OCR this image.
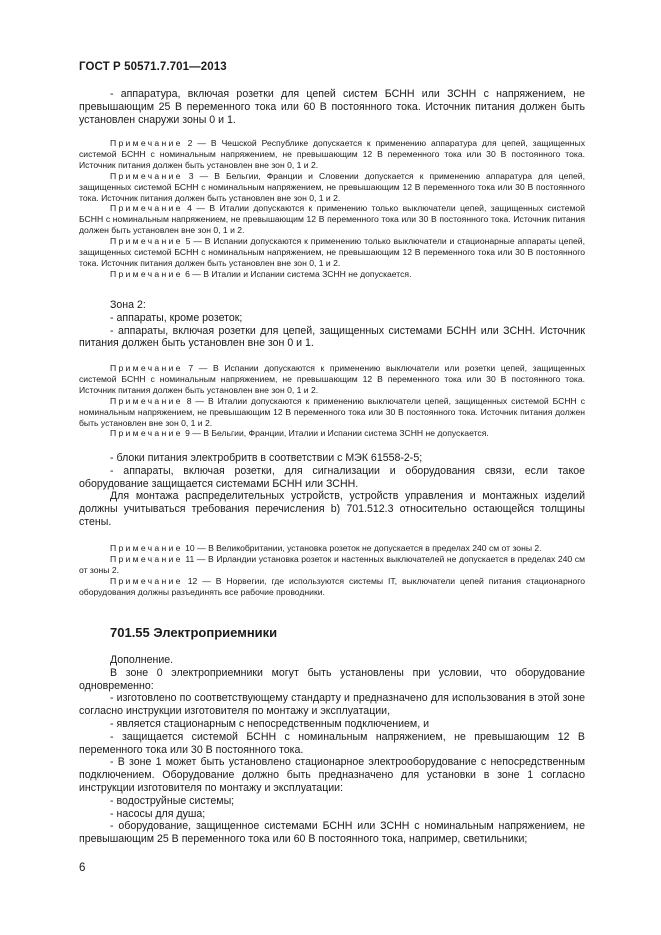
ГОСТ Р 50571.7.701—2013

- аппаратура, включая розетки для цепей систем БСНН или ЗСНН с напряжением, не превышающим 25 В переменного тока или 60 В постоянного тока. Источник питания должен быть установлен снаружи зоны 0 и 1.

Примечание 2 — В Чешской Республике допускается к применению аппаратура для цепей, защищенных системой БСНН с номинальным напряжением, не превышающим 12 В переменного тока или 30 В постоянного тока. Источник питания должен быть установлен вне зон 0, 1 и 2.

Примечание 3 — В Бельгии, Франции и Словении допускается к применению аппаратура для цепей, защищенных системой БСНН с номинальным напряжением, не превышающим 12 В переменного тока или 30 В постоянного тока. Источник питания должен быть установлен вне зон 0, 1 и 2.

Примечание 4 — В Италии допускаются к применению только выключатели цепей, защищенных системой БСНН с номинальным напряжением, не превышающим 12 В переменного тока или 30 В постоянного тока. Источник питания должен быть установлен вне зон 0, 1 и 2.

Примечание 5 — В Испании допускаются к применению только выключатели и стационарные аппараты цепей, защищенных системой БСНН с номинальным напряжением, не превышающим 12 В переменного тока или 30 В постоянного тока. Источник питания должен быть установлен вне зон 0, 1 и 2.

Примечание 6 — В Италии и Испании система ЗСНН не допускается.

Зона 2:

- аппараты, кроме розеток;

- аппараты, включая розетки для цепей, защищенных системами БСНН или ЗСНН. Источник питания должен быть установлен вне зон 0 и 1.

Примечание 7 — В Испании допускаются к применению выключатели или розетки цепей, защищенных системой БСНН с номинальным напряжением, не превышающим 12 В переменного тока или 30 В постоянного тока. Источник питания должен быть установлен вне зон 0, 1 и 2.

Примечание 8 — В Италии допускаются к применению выключатели цепей, защищенных системой БСНН с номинальным напряжением, не превышающим 12 В переменного тока или 30 В постоянного тока. Источник питания должен быть установлен вне зон 0, 1 и 2.

Примечание 9 — В Бельгии, Франции, Италии и Испании система ЗСНН не допускается.

- блоки питания электробритв в соответствии с МЭК 61558-2-5;

- аппараты, включая розетки, для сигнализации и оборудования связи, если такое оборудование защищается системами БСНН или ЗСНН.

Для монтажа распределительных устройств, устройств управления и монтажных изделий должны учитываться требования перечисления b) 701.512.3 относительно остающейся толщины стены.

Примечание 10 — В Великобритании, установка розеток не допускается в пределах 240 см от зоны 2.

Примечание 11 — В Ирландии установка розеток и настенных выключателей не допускается в пределах 240 см от зоны 2.

Примечание 12 — В Норвегии, где используются системы IT, выключатели цепей питания стационарного оборудования должны разъединять все рабочие проводники.

701.55 Электроприемники

Дополнение.

В зоне 0 электроприемники могут быть установлены при условии, что оборудование одновременно:

- изготовлено по соответствующему стандарту и предназначено для использования в этой зоне согласно инструкции изготовителя по монтажу и эксплуатации,

- является стационарным с непосредственным подключением, и

- защищается системой БСНН с номинальным напряжением, не превышающим 12 В переменного тока или 30 В постоянного тока.

- В зоне 1 может быть установлено стационарное электрооборудование с непосредственным подключением. Оборудование должно быть предназначено для установки в зоне 1 согласно инструкции изготовителя по монтажу и эксплуатации:

- водоструйные системы;

- насосы для душа;

- оборудование, защищенное системами БСНН или ЗСНН с номинальным напряжением, не превышающим 25 В переменного тока или 60 В постоянного тока, например, светильники;

6
